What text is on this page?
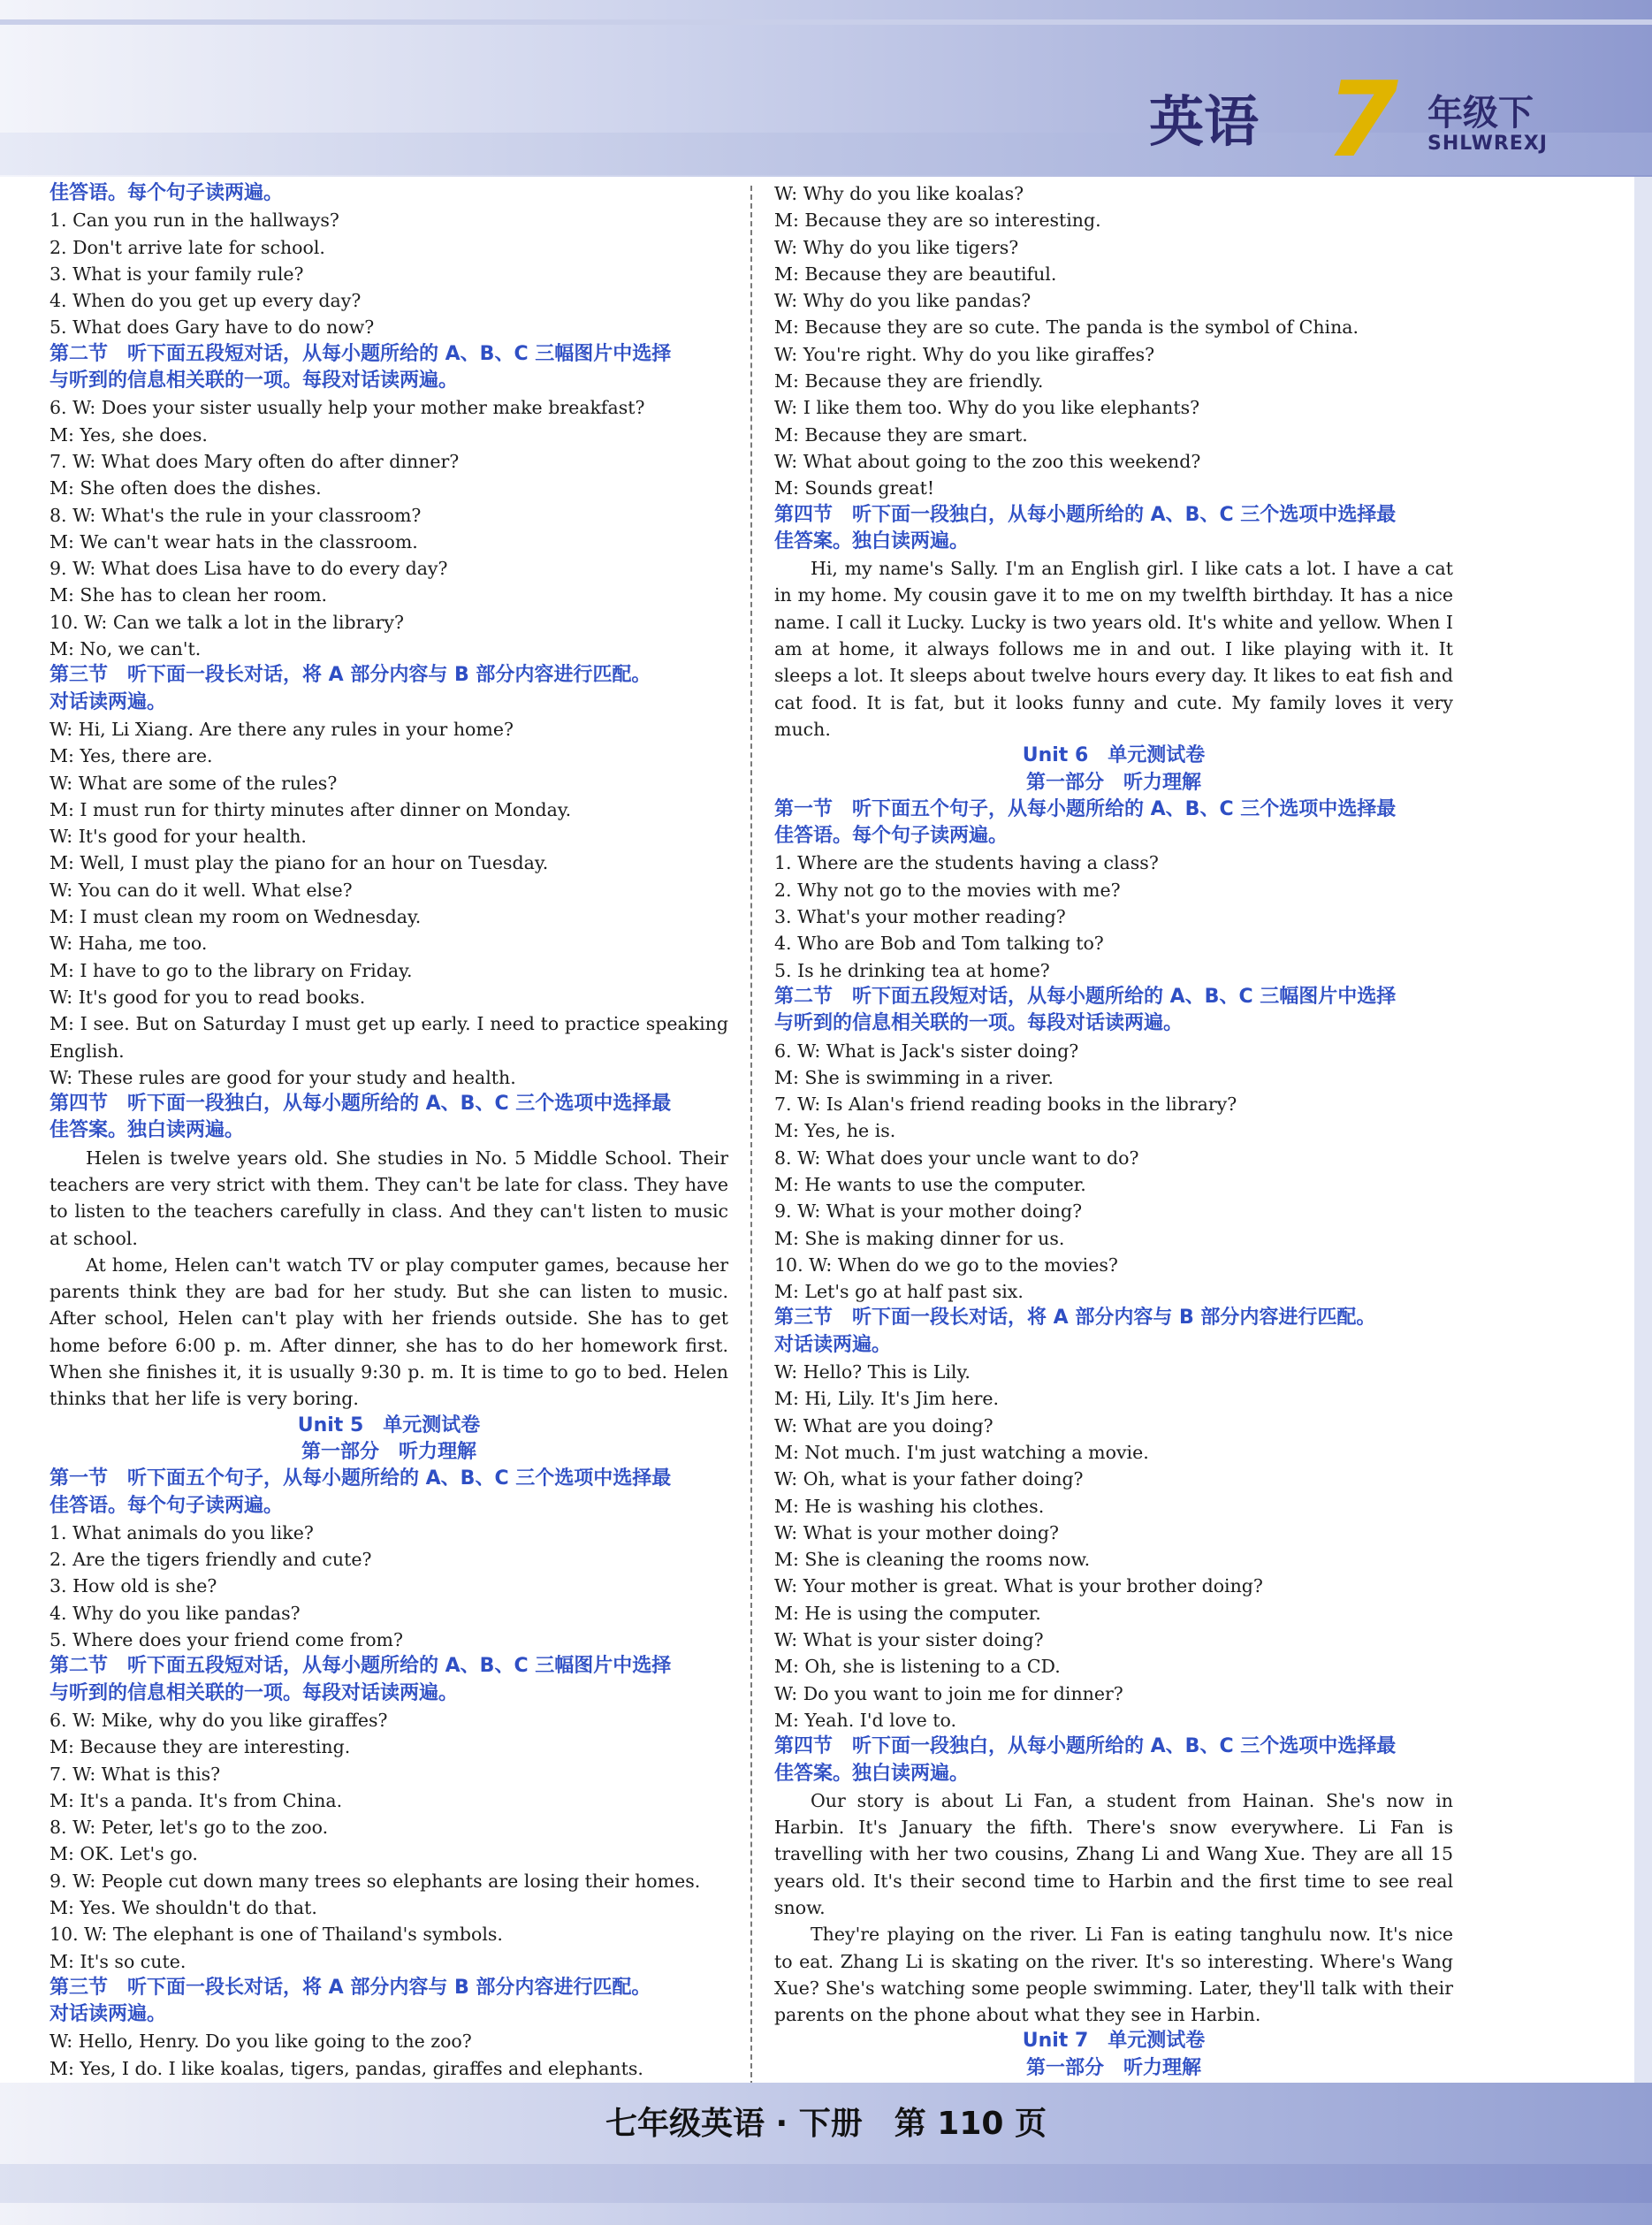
英语 7 年级下
SHLWREXJ
佳答语。每个句子读两遍。
1. Can you run in the hallways?
2. Don't arrive late for school.
3. What is your family rule?
4. When do you get up every day?
5. What does Gary have to do now?
第二节　听下面五段短对话，从每小题所给的 A、B、C 三幅图片中选择
与听到的信息相关联的一项。每段对话读两遍。
6. W: Does your sister usually help your mother make breakfast?
M: Yes, she does.
7. W: What does Mary often do after dinner?
M: She often does the dishes.
8. W: What's the rule in your classroom?
M: We can't wear hats in the classroom.
9. W: What does Lisa have to do every day?
M: She has to clean her room.
10. W: Can we talk a lot in the library?
M: No, we can't.
第三节　听下面一段长对话，将 A 部分内容与 B 部分内容进行匹配。
对话读两遍。
W: Hi, Li Xiang. Are there any rules in your home?
M: Yes, there are.
W: What are some of the rules?
M: I must run for thirty minutes after dinner on Monday.
W: It's good for your health.
M: Well, I must play the piano for an hour on Tuesday.
W: You can do it well. What else?
M: I must clean my room on Wednesday.
W: Haha, me too.
M: I have to go to the library on Friday.
W: It's good for you to read books.
M: I see. But on Saturday I must get up early. I need to practice speaking English.
W: These rules are good for your study and health.
第四节　听下面一段独白，从每小题所给的 A、B、C 三个选项中选择最
佳答案。独白读两遍。
Helen is twelve years old. She studies in No. 5 Middle School. Their teachers are very strict with them. They can't be late for class. They have to listen to the teachers carefully in class. And they can't listen to music at school.
At home, Helen can't watch TV or play computer games, because her parents think they are bad for her study. But she can listen to music. After school, Helen can't play with her friends outside. She has to get home before 6:00 p. m. After dinner, she has to do her homework first. When she finishes it, it is usually 9:30 p. m. It is time to go to bed. Helen thinks that her life is very boring.
Unit 5　单元测试卷
第一部分　听力理解
第一节　听下面五个句子，从每小题所给的 A、B、C 三个选项中选择最
佳答语。每个句子读两遍。
1. What animals do you like?
2. Are the tigers friendly and cute?
3. How old is she?
4. Why do you like pandas?
5. Where does your friend come from?
第二节　听下面五段短对话，从每小题所给的 A、B、C 三幅图片中选择
与听到的信息相关联的一项。每段对话读两遍。
6. W: Mike, why do you like giraffes?
M: Because they are interesting.
7. W: What is this?
M: It's a panda. It's from China.
8. W: Peter, let's go to the zoo.
M: OK. Let's go.
9. W: People cut down many trees so elephants are losing their homes.
M: Yes. We shouldn't do that.
10. W: The elephant is one of Thailand's symbols.
M: It's so cute.
第三节　听下面一段长对话，将 A 部分内容与 B 部分内容进行匹配。
对话读两遍。
W: Hello, Henry. Do you like going to the zoo?
M: Yes, I do. I like koalas, tigers, pandas, giraffes and elephants.
W: Why do you like koalas?
M: Because they are so interesting.
W: Why do you like tigers?
M: Because they are beautiful.
W: Why do you like pandas?
M: Because they are so cute. The panda is the symbol of China.
W: You're right. Why do you like giraffes?
M: Because they are friendly.
W: I like them too. Why do you like elephants?
M: Because they are smart.
W: What about going to the zoo this weekend?
M: Sounds great!
第四节　听下面一段独白，从每小题所给的 A、B、C 三个选项中选择最
佳答案。独白读两遍。
Hi, my name's Sally. I'm an English girl. I like cats a lot. I have a cat in my home. My cousin gave it to me on my twelfth birthday. It has a nice name. I call it Lucky. Lucky is two years old. It's white and yellow. When I am at home, it always follows me in and out. I like playing with it. It sleeps a lot. It sleeps about twelve hours every day. It likes to eat fish and cat food. It is fat, but it looks funny and cute. My family loves it very much.
Unit 6　单元测试卷
第一部分　听力理解
第一节　听下面五个句子，从每小题所给的 A、B、C 三个选项中选择最
佳答语。每个句子读两遍。
1. Where are the students having a class?
2. Why not go to the movies with me?
3. What's your mother reading?
4. Who are Bob and Tom talking to?
5. Is he drinking tea at home?
第二节　听下面五段短对话，从每小题所给的 A、B、C 三幅图片中选择
与听到的信息相关联的一项。每段对话读两遍。
6. W: What is Jack's sister doing?
M: She is swimming in a river.
7. W: Is Alan's friend reading books in the library?
M: Yes, he is.
8. W: What does your uncle want to do?
M: He wants to use the computer.
9. W: What is your mother doing?
M: She is making dinner for us.
10. W: When do we go to the movies?
M: Let's go at half past six.
第三节　听下面一段长对话，将 A 部分内容与 B 部分内容进行匹配。
对话读两遍。
W: Hello? This is Lily.
M: Hi, Lily. It's Jim here.
W: What are you doing?
M: Not much. I'm just watching a movie.
W: Oh, what is your father doing?
M: He is washing his clothes.
W: What is your mother doing?
M: She is cleaning the rooms now.
W: Your mother is great. What is your brother doing?
M: He is using the computer.
W: What is your sister doing?
M: Oh, she is listening to a CD.
W: Do you want to join me for dinner?
M: Yeah. I'd love to.
第四节　听下面一段独白，从每小题所给的 A、B、C 三个选项中选择最
佳答案。独白读两遍。
Our story is about Li Fan, a student from Hainan. She's now in Harbin. It's January the fifth. There's snow everywhere. Li Fan is travelling with her two cousins, Zhang Li and Wang Xue. They are all 15 years old. It's their second time to Harbin and the first time to see real snow.
They're playing on the river. Li Fan is eating tanghulu now. It's nice to eat. Zhang Li is skating on the river. It's so interesting. Where's Wang Xue? She's watching some people swimming. Later, they'll talk with their parents on the phone about what they see in Harbin.
Unit 7　单元测试卷
第一部分　听力理解
七年级英语 · 下册　第 110 页
